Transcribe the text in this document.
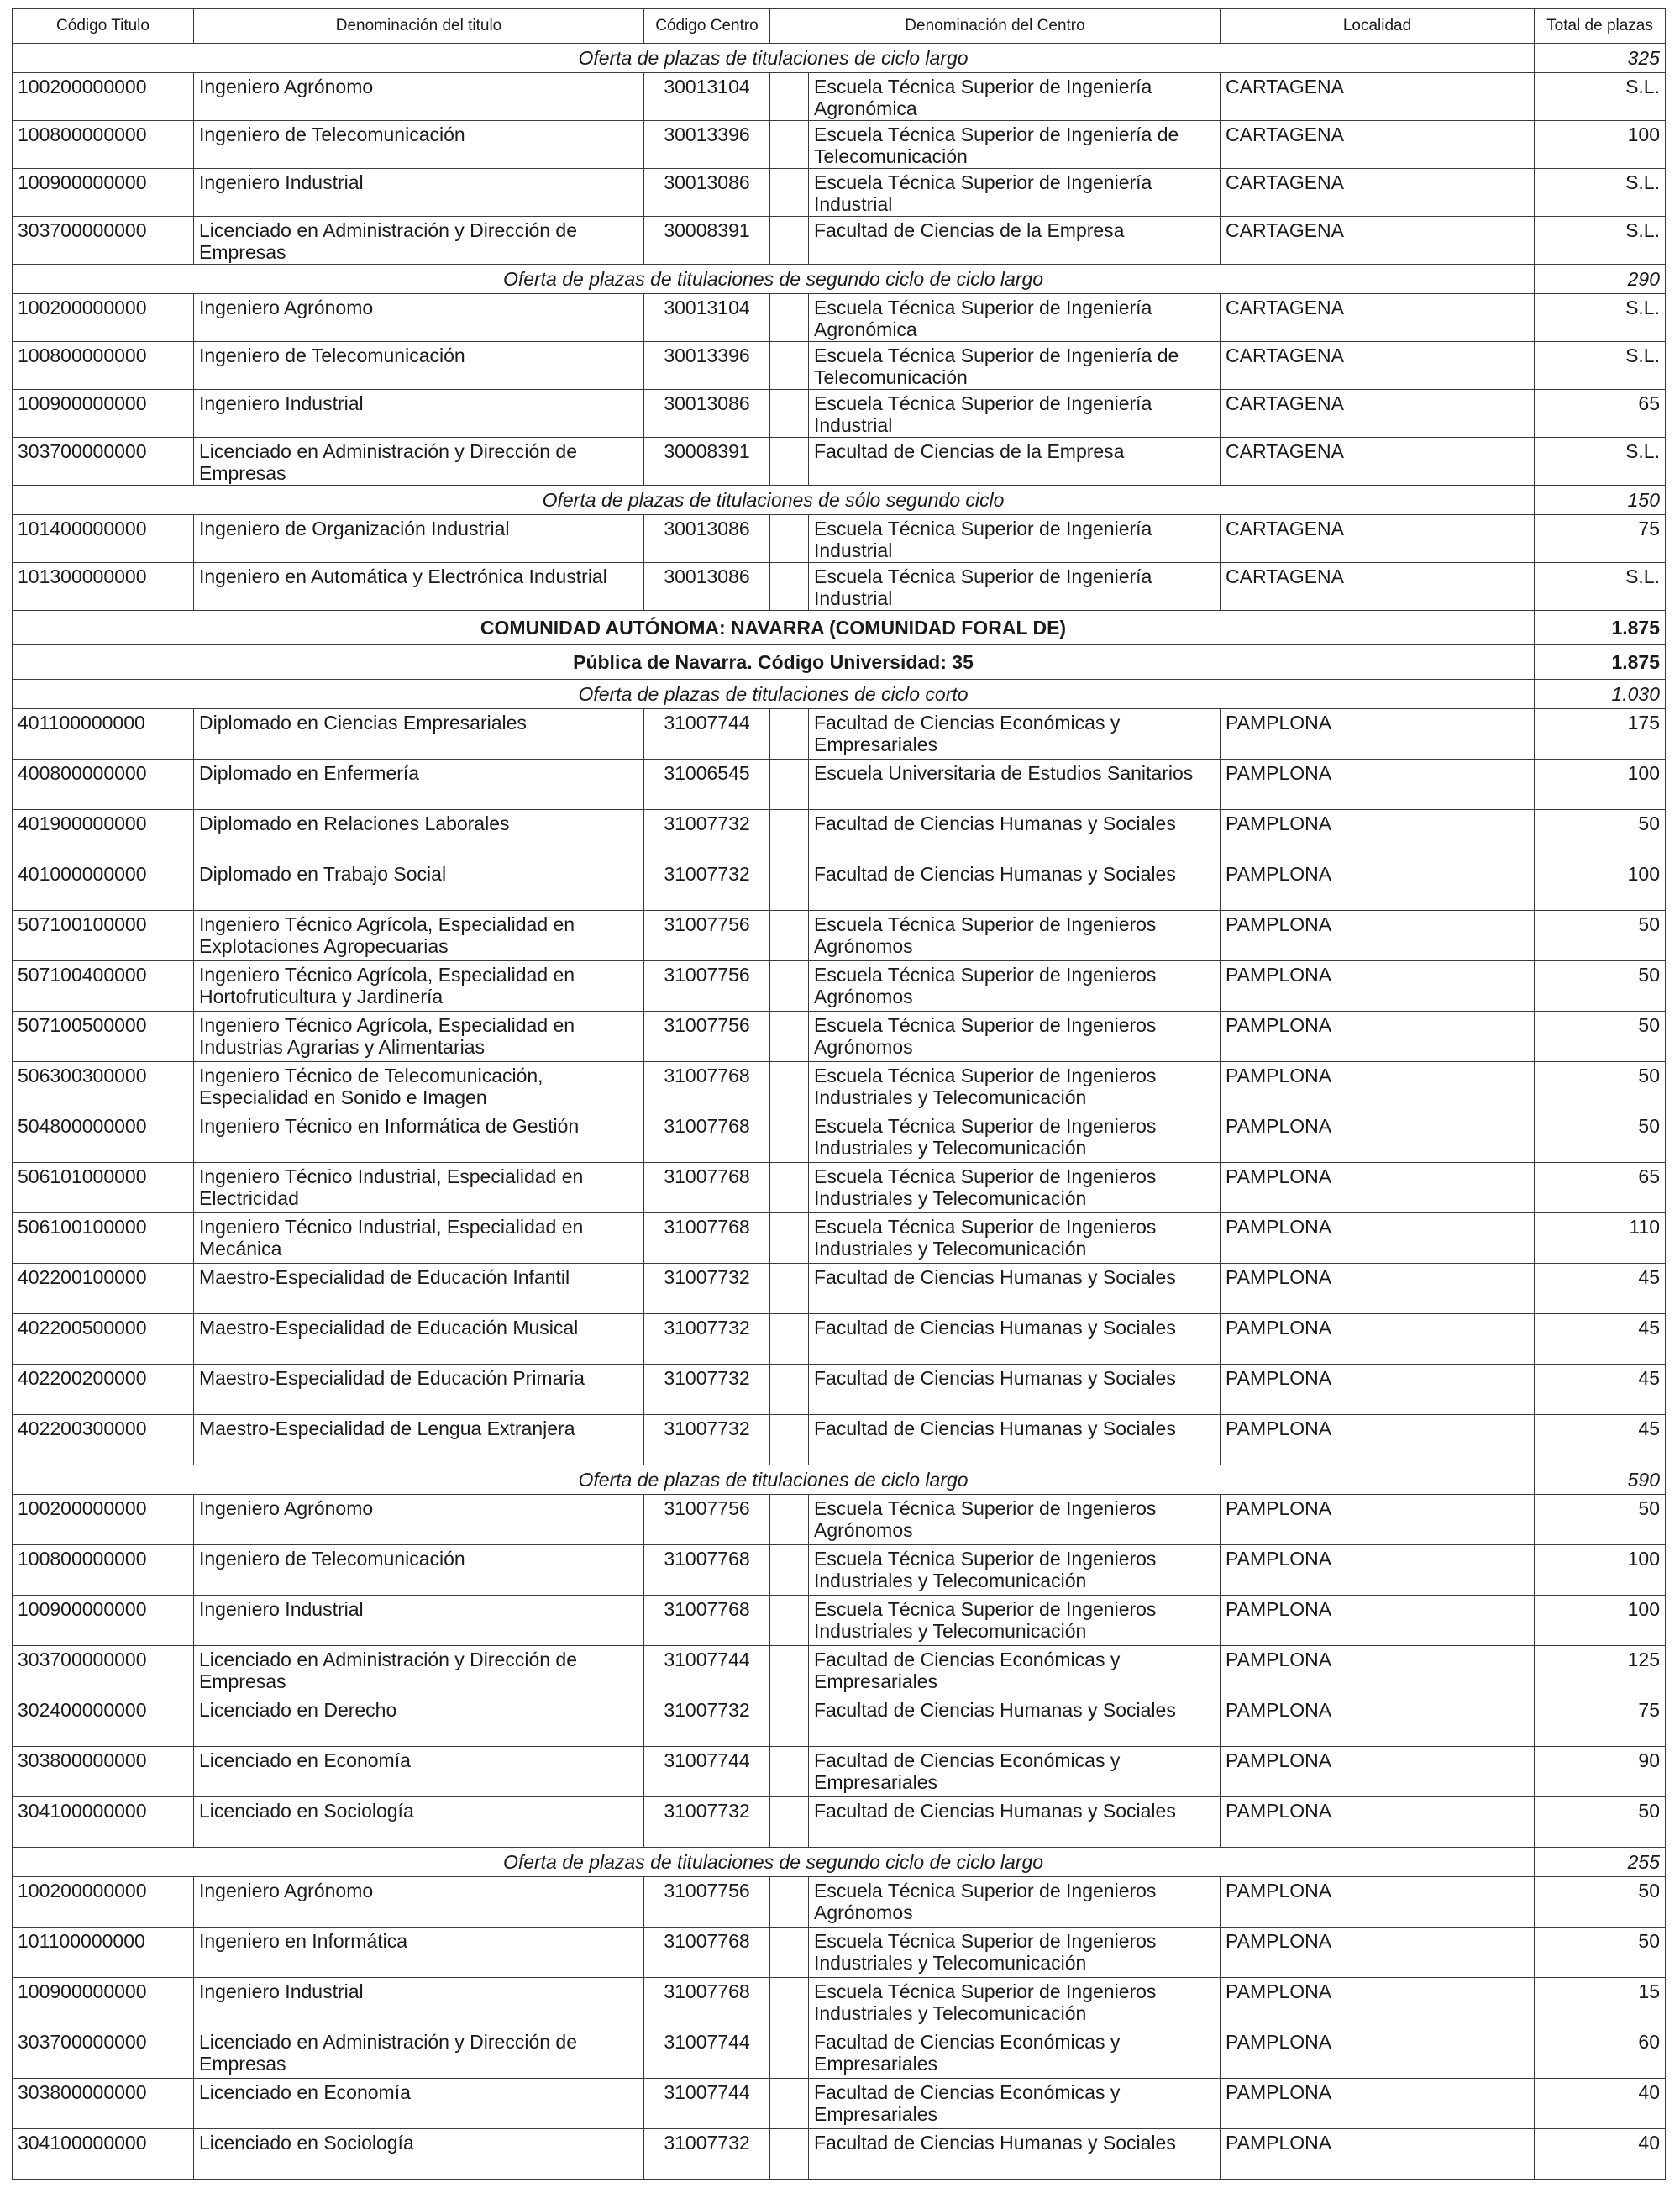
Código Titulo	Denominación del titulo	Código Centro	Denominación del Centro		Localidad	Total de plazas
Oferta de plazas de titulaciones de ciclo largo						325
100200000000	Ingeniero Agrónomo	30013104		Escuela Técnica Superior de Ingeniería Agronómica	CARTAGENA	S.L.
100800000000	Ingeniero de Telecomunicación	30013396		Escuela Técnica Superior de Ingeniería de Telecomunicación	CARTAGENA	100
100900000000	Ingeniero Industrial	30013086		Escuela Técnica Superior de Ingeniería Industrial	CARTAGENA	S.L.
303700000000	Licenciado en Administración y Dirección de Empresas	30008391		Facultad de Ciencias de la Empresa	CARTAGENA	S.L.
Oferta de plazas de titulaciones de segundo ciclo de ciclo largo						290
100200000000	Ingeniero Agrónomo	30013104		Escuela Técnica Superior de Ingeniería Agronómica	CARTAGENA	S.L.
100800000000	Ingeniero de Telecomunicación	30013396		Escuela Técnica Superior de Ingeniería de Telecomunicación	CARTAGENA	S.L.
100900000000	Ingeniero Industrial	30013086		Escuela Técnica Superior de Ingeniería Industrial	CARTAGENA	65
303700000000	Licenciado en Administración y Dirección de Empresas	30008391		Facultad de Ciencias de la Empresa	CARTAGENA	S.L.
Oferta de plazas de titulaciones de sólo segundo ciclo						150
101400000000	Ingeniero de Organización Industrial	30013086		Escuela Técnica Superior de Ingeniería Industrial	CARTAGENA	75
101300000000	Ingeniero en Automática y Electrónica Industrial	30013086		Escuela Técnica Superior de Ingeniería Industrial	CARTAGENA	S.L.
COMUNIDAD AUTÓNOMA: NAVARRA (COMUNIDAD FORAL DE)						1.875
Pública de Navarra. Código Universidad: 35						1.875
Oferta de plazas de titulaciones de ciclo corto						1.030
401100000000	Diplomado en Ciencias Empresariales	31007744		Facultad de Ciencias Económicas y Empresariales	PAMPLONA	175
400800000000	Diplomado en Enfermería	31006545		Escuela Universitaria de Estudios Sanitarios	PAMPLONA	100
401900000000	Diplomado en Relaciones Laborales	31007732		Facultad de Ciencias Humanas y Sociales	PAMPLONA	50
401000000000	Diplomado en Trabajo Social	31007732		Facultad de Ciencias Humanas y Sociales	PAMPLONA	100
507100100000	Ingeniero Técnico Agrícola, Especialidad en Explotaciones Agropecuarias	31007756		Escuela Técnica Superior de Ingenieros Agrónomos	PAMPLONA	50
507100400000	Ingeniero Técnico Agrícola, Especialidad en Hortofruticultura y Jardinería	31007756		Escuela Técnica Superior de Ingenieros Agrónomos	PAMPLONA	50
507100500000	Ingeniero Técnico Agrícola, Especialidad en Industrias Agrarias y Alimentarias	31007756		Escuela Técnica Superior de Ingenieros Agrónomos	PAMPLONA	50
506300300000	Ingeniero Técnico de Telecomunicación, Especialidad en Sonido e Imagen	31007768		Escuela Técnica Superior de Ingenieros Industriales y Telecomunicación	PAMPLONA	50
504800000000	Ingeniero Técnico en Informática de Gestión	31007768		Escuela Técnica Superior de Ingenieros Industriales y Telecomunicación	PAMPLONA	50
506101000000	Ingeniero Técnico Industrial, Especialidad en Electricidad	31007768		Escuela Técnica Superior de Ingenieros Industriales y Telecomunicación	PAMPLONA	65
506100100000	Ingeniero Técnico Industrial, Especialidad en Mecánica	31007768		Escuela Técnica Superior de Ingenieros Industriales y Telecomunicación	PAMPLONA	110
402200100000	Maestro-Especialidad de Educación Infantil	31007732		Facultad de Ciencias Humanas y Sociales	PAMPLONA	45
402200500000	Maestro-Especialidad de Educación Musical	31007732		Facultad de Ciencias Humanas y Sociales	PAMPLONA	45
402200200000	Maestro-Especialidad de Educación Primaria	31007732		Facultad de Ciencias Humanas y Sociales	PAMPLONA	45
402200300000	Maestro-Especialidad de Lengua Extranjera	31007732		Facultad de Ciencias Humanas y Sociales	PAMPLONA	45
Oferta de plazas de titulaciones de ciclo largo						590
100200000000	Ingeniero Agrónomo	31007756		Escuela Técnica Superior de Ingenieros Agrónomos	PAMPLONA	50
100800000000	Ingeniero de Telecomunicación	31007768		Escuela Técnica Superior de Ingenieros Industriales y Telecomunicación	PAMPLONA	100
100900000000	Ingeniero Industrial	31007768		Escuela Técnica Superior de Ingenieros Industriales y Telecomunicación	PAMPLONA	100
303700000000	Licenciado en Administración y Dirección de Empresas	31007744		Facultad de Ciencias Económicas y Empresariales	PAMPLONA	125
302400000000	Licenciado en Derecho	31007732		Facultad de Ciencias Humanas y Sociales	PAMPLONA	75
303800000000	Licenciado en Economía	31007744		Facultad de Ciencias Económicas y Empresariales	PAMPLONA	90
304100000000	Licenciado en Sociología	31007732		Facultad de Ciencias Humanas y Sociales	PAMPLONA	50
Oferta de plazas de titulaciones de segundo ciclo de ciclo largo						255
100200000000	Ingeniero Agrónomo	31007756		Escuela Técnica Superior de Ingenieros Agrónomos	PAMPLONA	50
101100000000	Ingeniero en Informática	31007768		Escuela Técnica Superior de Ingenieros Industriales y Telecomunicación	PAMPLONA	50
100900000000	Ingeniero Industrial	31007768		Escuela Técnica Superior de Ingenieros Industriales y Telecomunicación	PAMPLONA	15
303700000000	Licenciado en Administración y Dirección de Empresas	31007744		Facultad de Ciencias Económicas y Empresariales	PAMPLONA	60
303800000000	Licenciado en Economía	31007744		Facultad de Ciencias Económicas y Empresariales	PAMPLONA	40
304100000000	Licenciado en Sociología	31007732		Facultad de Ciencias Humanas y Sociales	PAMPLONA	40
